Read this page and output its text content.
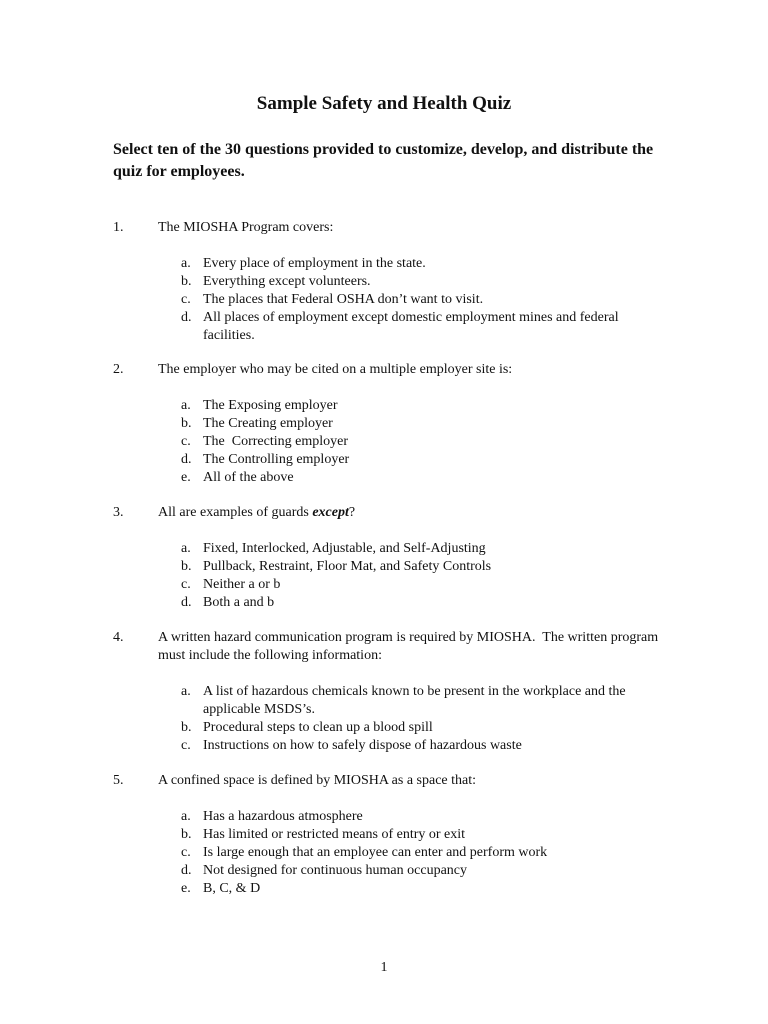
Sample Safety and Health Quiz

Select ten of the 30 questions provided to customize, develop, and distribute the quiz for employees.

1.	The MIOSHA Program covers:
a. Every place of employment in the state.
b. Everything except volunteers.
c. The places that Federal OSHA don’t want to visit.
d. All places of employment except domestic employment mines and federal facilities.
2.	The employer who may be cited on a multiple employer site is:
a. The Exposing employer
b. The Creating employer
c. The  Correcting employer
d. The Controlling employer
e. All of the above
3.	All are examples of guards except?
a. Fixed, Interlocked, Adjustable, and Self-Adjusting
b. Pullback, Restraint, Floor Mat, and Safety Controls
c. Neither a or b
d. Both a and b
4.	A written hazard communication program is required by MIOSHA.  The written program must include the following information:
a. A list of hazardous chemicals known to be present in the workplace and the applicable MSDS’s.
b. Procedural steps to clean up a blood spill
c. Instructions on how to safely dispose of hazardous waste
5.	A confined space is defined by MIOSHA as a space that:
a. Has a hazardous atmosphere
b. Has limited or restricted means of entry or exit
c. Is large enough that an employee can enter and perform work
d. Not designed for continuous human occupancy
e. B, C, & D
1
